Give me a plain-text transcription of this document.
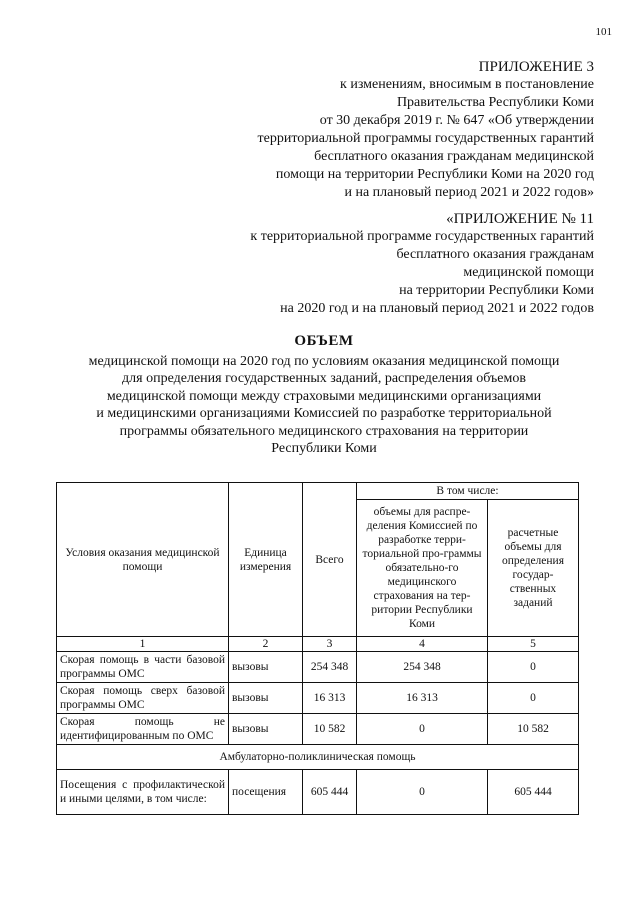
101
ПРИЛОЖЕНИЕ 3
к изменениям, вносимым в постановление
Правительства Республики Коми
от 30 декабря 2019 г. № 647 «Об утверждении
территориальной программы государственных гарантий
бесплатного оказания гражданам медицинской
помощи на территории Республики Коми на 2020 год
и на плановый период 2021 и 2022 годов»
«ПРИЛОЖЕНИЕ № 11
к территориальной программе государственных гарантий
бесплатного оказания гражданам
медицинской помощи
на территории Республики Коми
на 2020 год и на плановый период 2021 и 2022 годов
ОБЪЕМ
медицинской помощи на 2020 год по условиям оказания медицинской помощи
для определения государственных заданий, распределения объемов
медицинской помощи между страховыми медицинскими организациями
и медицинскими организациями Комиссией по разработке территориальной
программы обязательного медицинского страхования на территории
Республики Коми
Условия оказания медицинской помощи	Единица измерения	Всего	В том числе:	
			объемы для распре-деления Комиссией по разработке терри-ториальной про-граммы обязательно-го медицинского страхования на тер-ритории Республики Коми	расчетные объемы для определения государ-ственных заданий
1	2	3	4	5
Скорая помощь в части базовой программы ОМС	вызовы	254 348	254 348	0
Скорая помощь сверх базовой программы ОМС	вызовы	16 313	16 313	0
Скорая помощь не идентифицированным по ОМС	вызовы	10 582	0	10 582
Амбулаторно-поликлиническая помощь				
Посещения с профилактической и иными целями, в том числе:	посещения	605 444	0	605 444
